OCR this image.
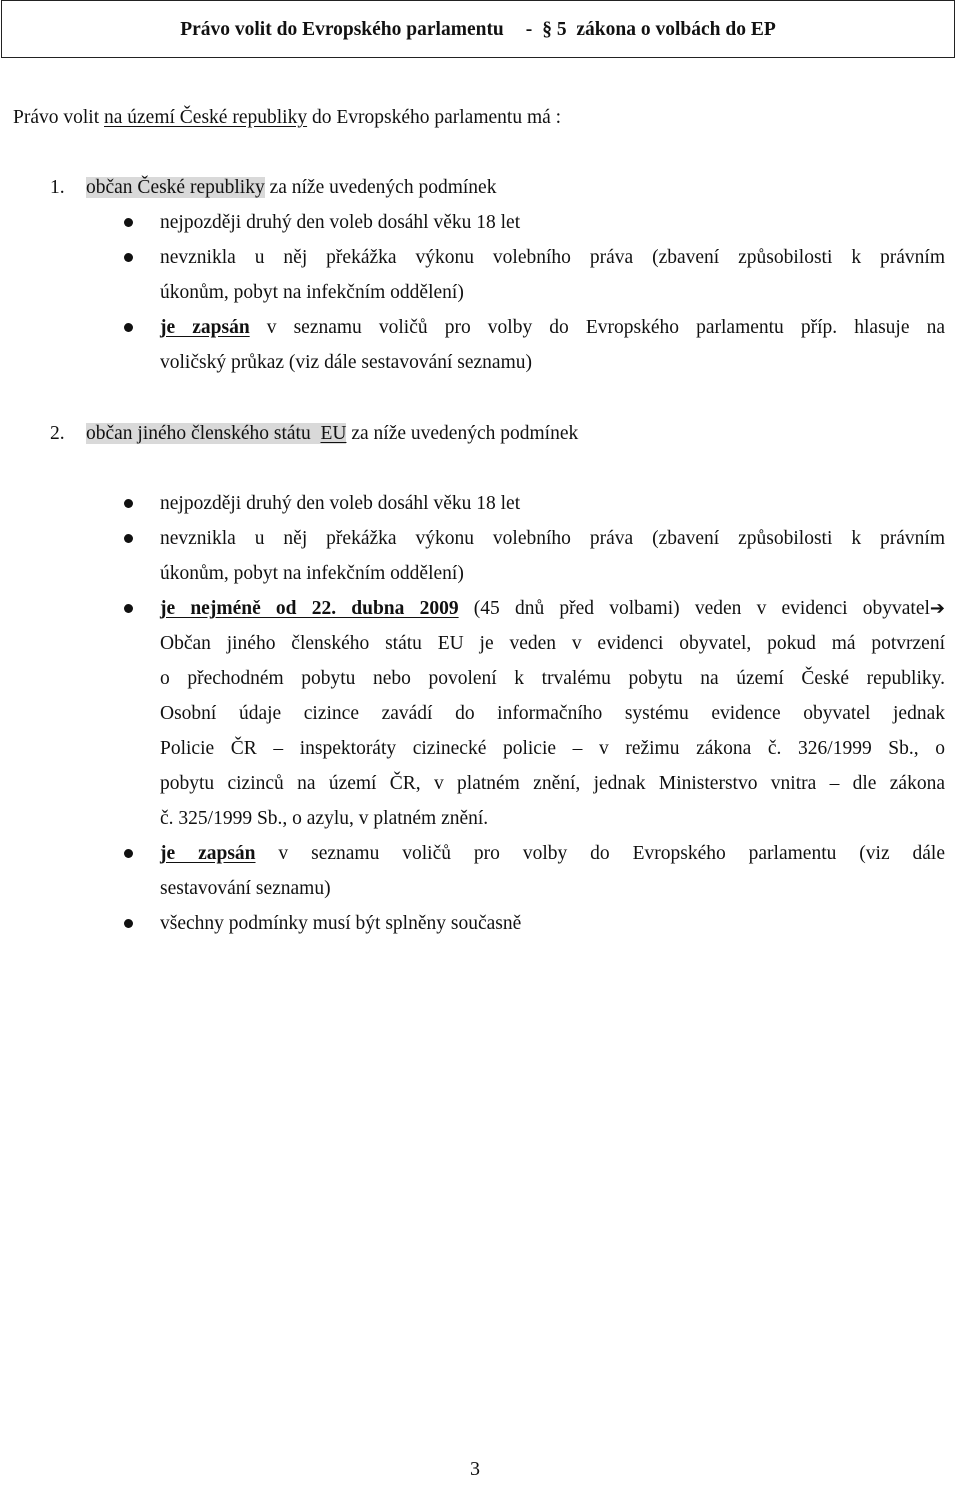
Právo volit do Evropského parlamentu - § 5  zákona o volbách do EP
Právo volit na území České republiky do Evropského parlamentu má :
1. občan České republiky za níže uvedených podmínek
nejpozději druhý den voleb dosáhl věku 18 let
nevznikla u něj překážka výkonu volebního práva (zbavení způsobilosti k právním
úkonům, pobyt na infekčním oddělení)
je zapsán v seznamu voličů pro volby do Evropského parlamentu příp. hlasuje na
voličský průkaz (viz dále sestavování seznamu)
2. občan jiného členského státu EU za níže uvedených podmínek
nejpozději druhý den voleb dosáhl věku 18 let
nevznikla u něj překážka výkonu volebního práva (zbavení způsobilosti k právním
úkonům, pobyt na infekčním oddělení)
je nejméně od 22. dubna 2009 (45 dnů před volbami) veden v evidenci obyvatel➔
Občan jiného členského státu EU je veden v evidenci obyvatel, pokud má potvrzení
o přechodném pobytu nebo povolení k trvalému pobytu na území České republiky.
Osobní údaje cizince zavádí do informačního systému evidence obyvatel jednak
Policie ČR – inspektoráty cizinecké policie – v režimu zákona č. 326/1999 Sb., o
pobytu cizinců na území ČR, v platném znění, jednak Ministerstvo vnitra – dle zákona
č. 325/1999 Sb., o azylu, v platném znění.
je zapsán v seznamu voličů pro volby do Evropského parlamentu (viz dále
sestavování seznamu)
všechny podmínky musí být splněny současně
3
